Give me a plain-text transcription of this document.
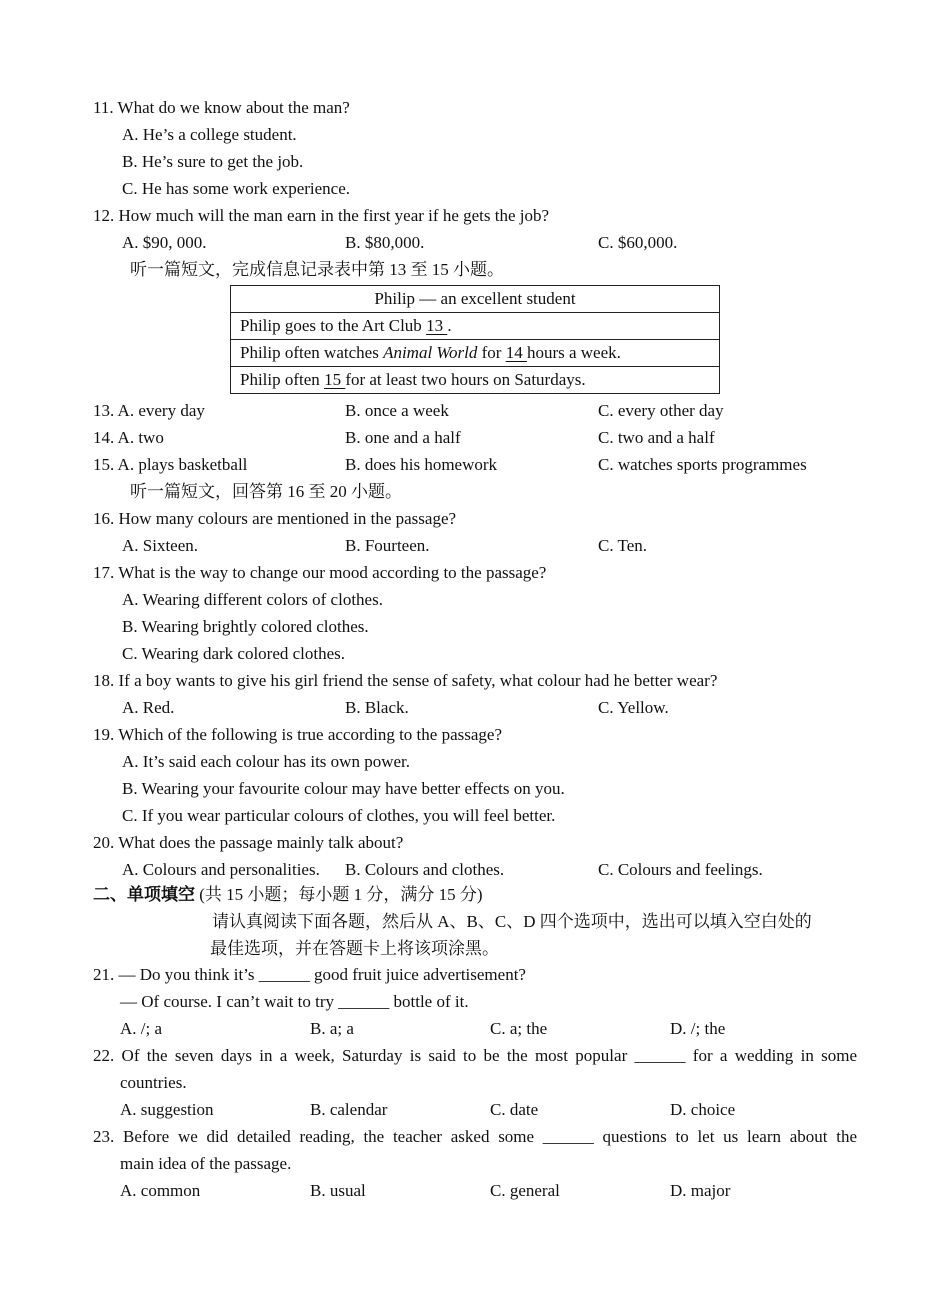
11. What do we know about the man?
A. He’s a college student.
B. He’s sure to get the job.
C. He has some work experience.
12. How much will the man earn in the first year if he gets the job?
A. $90, 000.	B. $80,000.	C. $60,000.
听一篇短文，完成信息记录表中第 13 至 15 小题。
Philip — an excellent student
Philip goes to the Art Club 13 .
Philip often watches Animal World for 14 hours a week.
Philip often 15 for at least two hours on Saturdays.
13. A. every day	B. once a week	C. every other day
14. A. two	B. one and a half	C. two and a half
15. A. plays basketball	B. does his homework	C. watches sports programmes
听一篇短文，回答第 16 至 20 小题。
16. How many colours are mentioned in the passage?
A. Sixteen.	B. Fourteen.	C. Ten.
17. What is the way to change our mood according to the passage?
A. Wearing different colors of clothes.
B. Wearing brightly colored clothes.
C. Wearing dark colored clothes.
18. If a boy wants to give his girl friend the sense of safety, what colour had he better wear?
A. Red.	B. Black.	C. Yellow.
19. Which of the following is true according to the passage?
A. It’s said each colour has its own power.
B. Wearing your favourite colour may have better effects on you.
C. If you wear particular colours of clothes, you will feel better.
20. What does the passage mainly talk about?
A. Colours and personalities. B. Colours and clothes.	C. Colours and feelings.
二、单项填空 (共 15 小题；每小题 1 分，满分 15 分)
请认真阅读下面各题，然后从 A、B、C、D 四个选项中，选出可以填入空白处的
最佳选项，并在答题卡上将该项涂黑。
21. — Do you think it’s ______ good fruit juice advertisement?
— Of course. I can’t wait to try ______ bottle of it.
A. /; a	B. a; a	C. a; the	D. /; the
22. Of the seven days in a week, Saturday is said to be the most popular ______ for a wedding in some
countries.
A. suggestion	B. calendar	C. date	D. choice
23. Before we did detailed reading, the teacher asked some ______ questions to let us learn about the
main idea of the passage.
A. common	B. usual	C. general	D. major
